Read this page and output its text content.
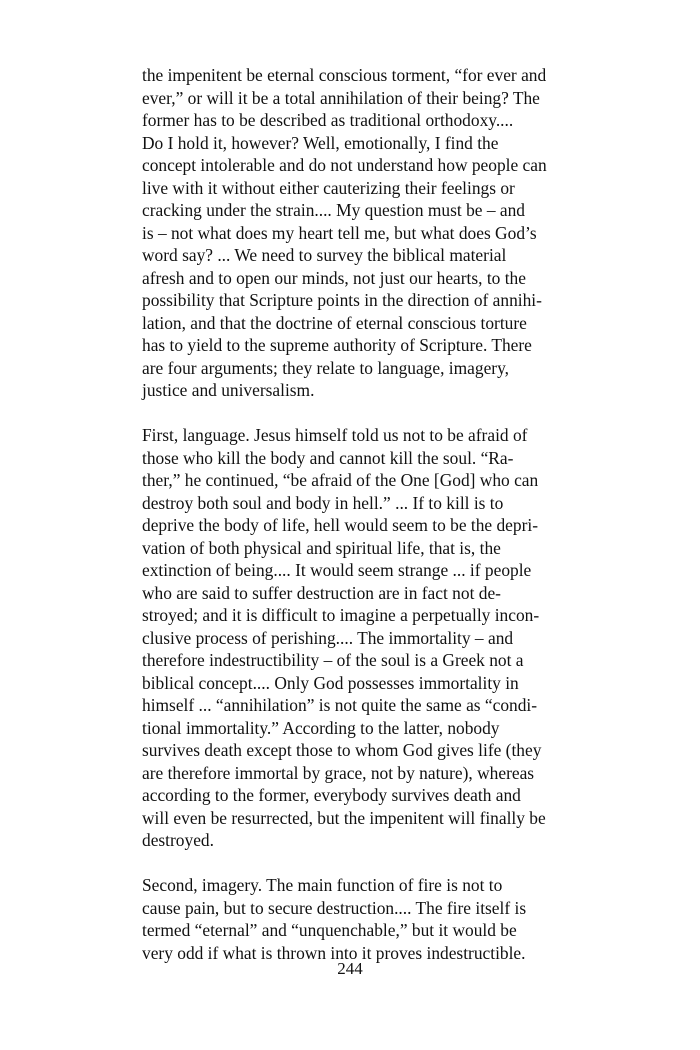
the impenitent be eternal conscious torment, “for ever and
ever,” or will it be a total annihilation of their being? The
former has to be described as traditional orthodoxy....
Do I hold it, however? Well, emotionally, I find the
concept intolerable and do not understand how people can
live with it without either cauterizing their feelings or
cracking under the strain.... My question must be – and
is – not what does my heart tell me, but what does God’s
word say? ... We need to survey the biblical material
afresh and to open our minds, not just our hearts, to the
possibility that Scripture points in the direction of annihi-
lation, and that the doctrine of eternal conscious torture
has to yield to the supreme authority of Scripture. There
are four arguments; they relate to language, imagery,
justice and universalism.
First, language. Jesus himself told us not to be afraid of
those who kill the body and cannot kill the soul. “Ra-
ther,” he continued, “be afraid of the One [God] who can
destroy both soul and body in hell.” ... If to kill is to
deprive the body of life, hell would seem to be the depri-
vation of both physical and spiritual life, that is, the
extinction of being.... It would seem strange ... if people
who are said to suffer destruction are in fact not de-
stroyed; and it is difficult to imagine a perpetually incon-
clusive process of perishing.... The immortality – and
therefore indestructibility – of the soul is a Greek not a
biblical concept.... Only God possesses immortality in
himself ... “annihilation” is not quite the same as “condi-
tional immortality.” According to the latter, nobody
survives death except those to whom God gives life (they
are therefore immortal by grace, not by nature), whereas
according to the former, everybody survives death and
will even be resurrected, but the impenitent will finally be
destroyed.
Second, imagery. The main function of fire is not to
cause pain, but to secure destruction.... The fire itself is
termed “eternal” and “unquenchable,” but it would be
very odd if what is thrown into it proves indestructible.
244
